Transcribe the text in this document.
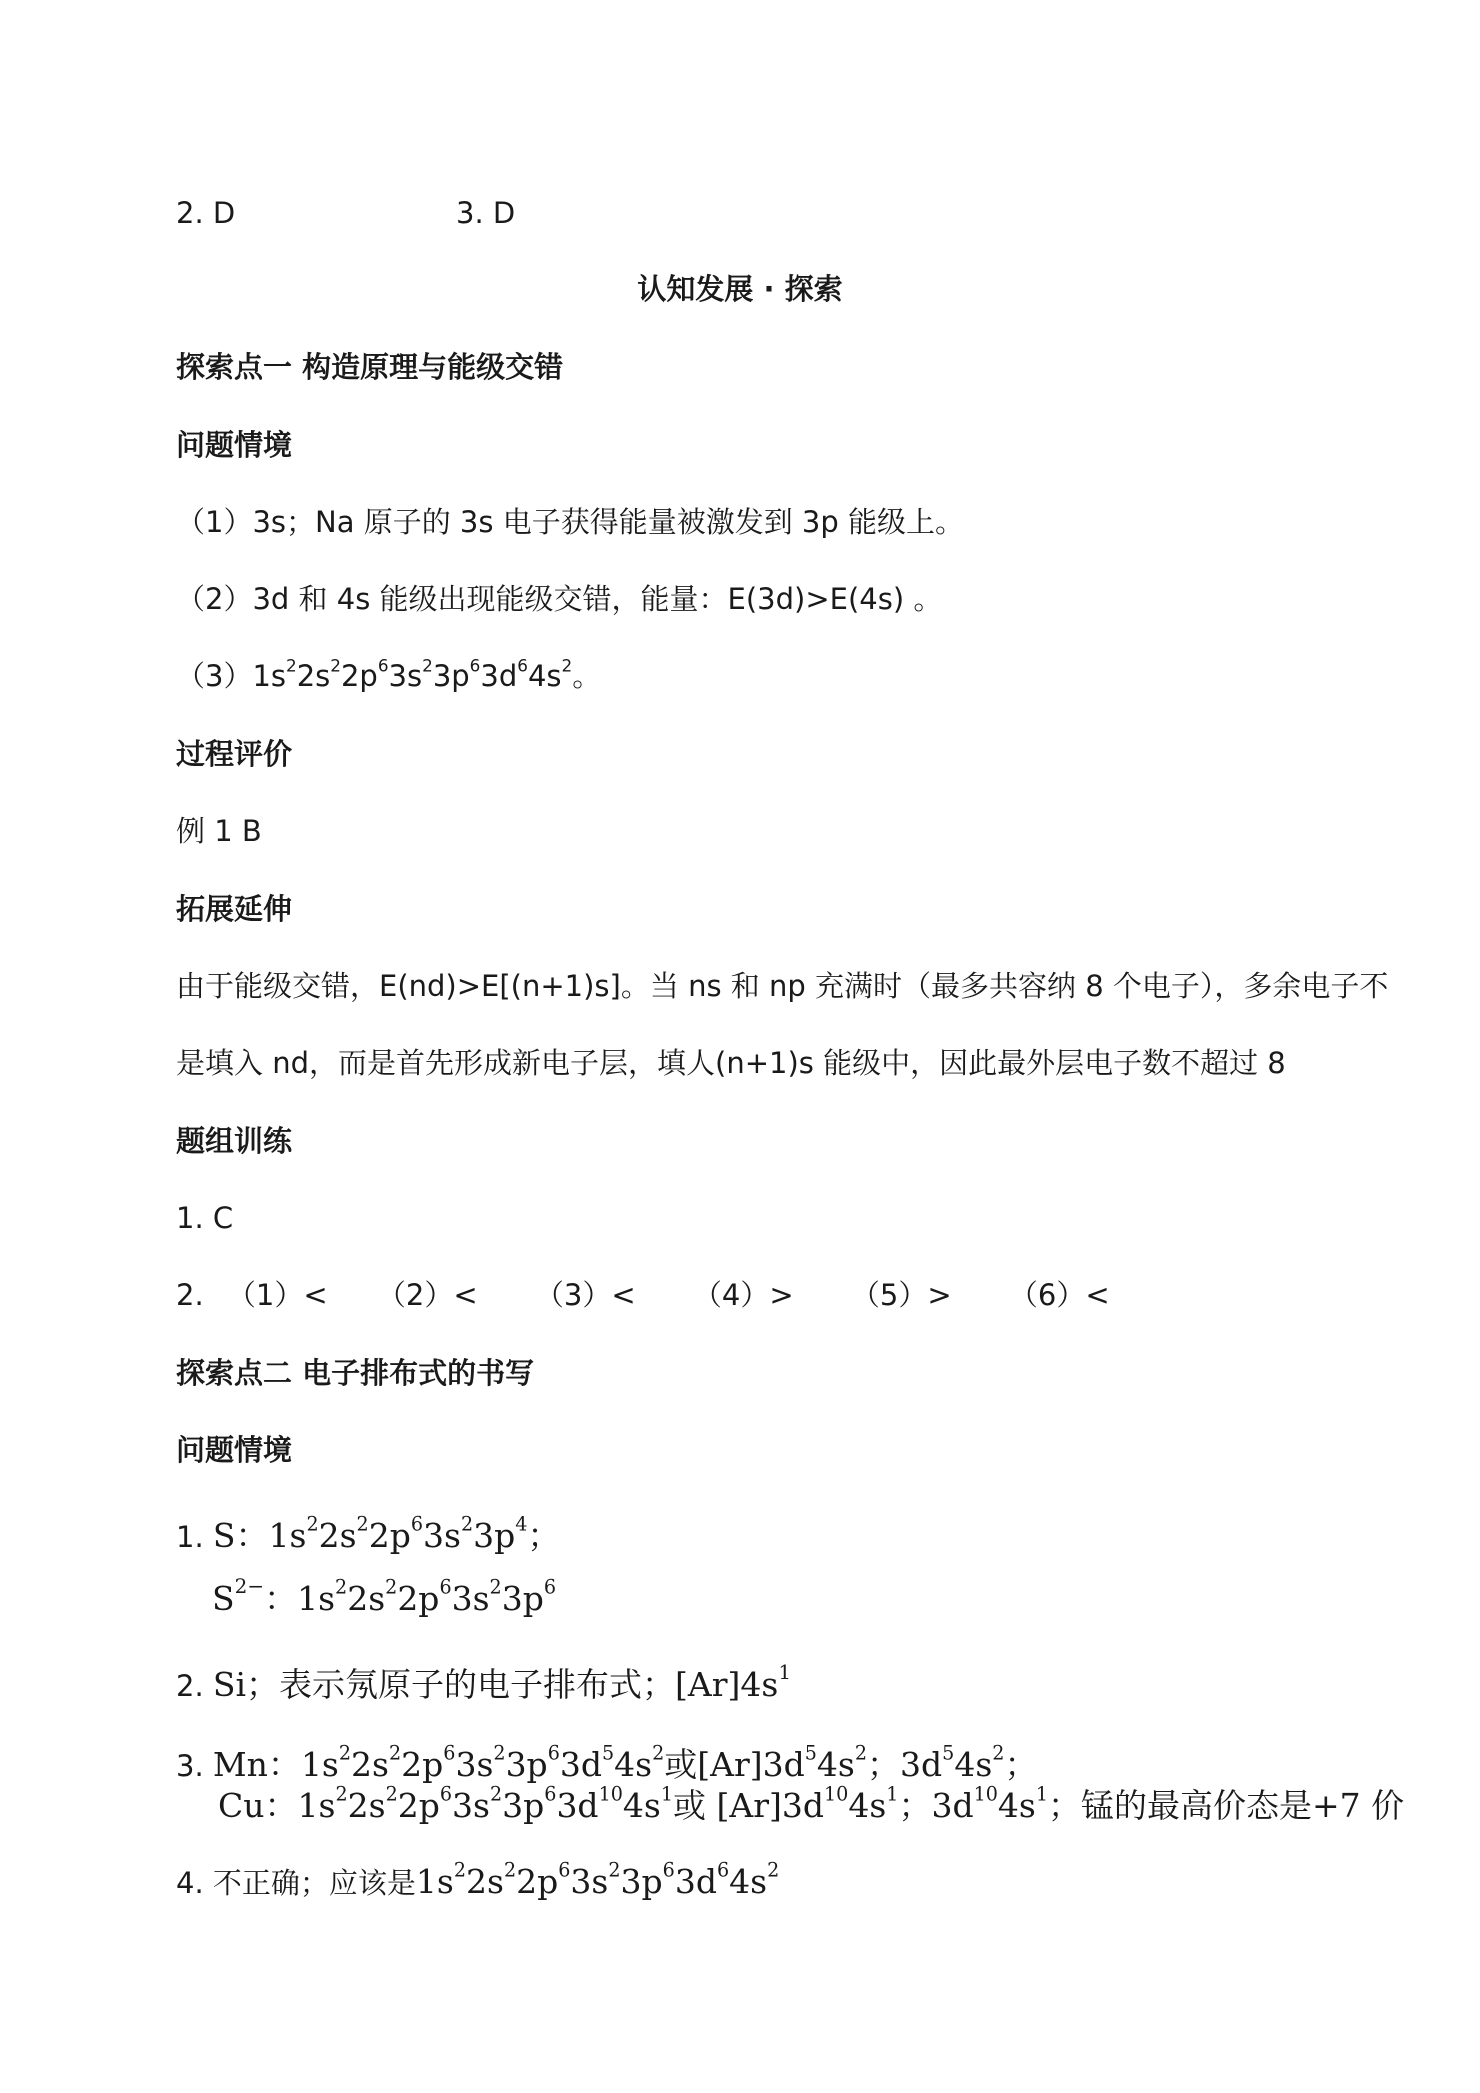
2. D	3. D
认知发展 · 探索
探索点一 构造原理与能级交错
问题情境
（1）3s；Na 原子的 3s 电子获得能量被激发到 3p 能级上。
（2）3d 和 4s 能级出现能级交错，能量：E(3d)>E(4s) 。
$(3)1s^22s^22p^63s^23p^63d^64s^2$。
过程评价
例 1 B
拓展延伸
由于能级交错，E(nd)>E[(n+1)s]。当 ns 和 np 充满时（最多共容纳 8 个电子），多余电子不
是填入 nd，而是首先形成新电子层，填人(n+1)s 能级中，因此最外层电子数不超过 8
题组训练
1. C
2. （1）< （2）< （3）< （4）> （5）> （6）<
探索点二 电子排布式的书写
问题情境
1. S：$1s^22s^22p^63s^23p^4$；
$S^{2-}$：$1s^22s^22p^63s^23p^6$
2. Si；表示氖原子的电子排布式；$[Ar]4s^1$
3. Mn：$1s^22s^22p^63s^23p^63d^54s^2$或$[Ar]3d^54s^2$；$3d^54s^2$；
Cu：$1s^22s^22p^63s^23p^63d^{10}4s^1$或 $[Ar]3d^{10}4s^1$；$3d^{10}4s^1$；锰的最高价态是+7 价
4. 不正确；应该是$1s^22s^22p^63s^23p^63d^64s^2$
